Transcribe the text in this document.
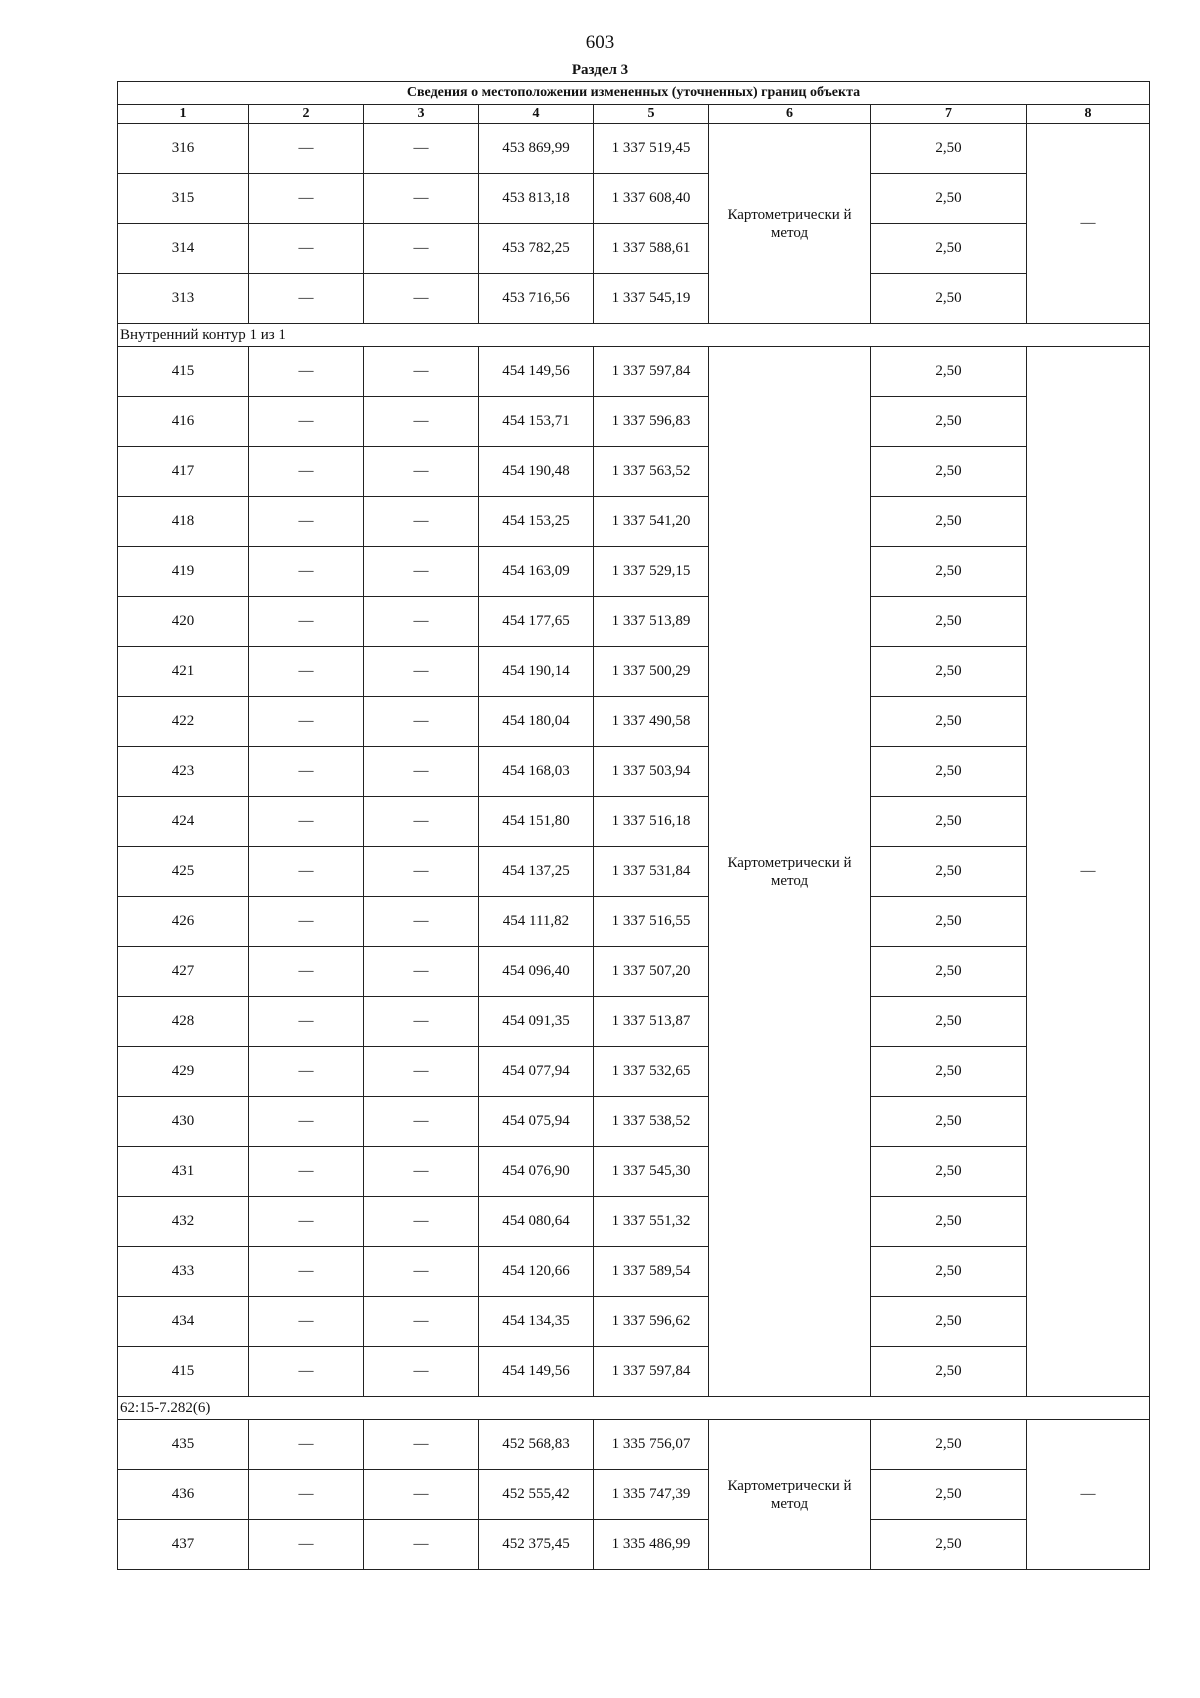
603
Раздел 3
Сведения о местоположении измененных (уточненных) границ объекта							
1	2	3	4	5	6	7	8
316	—	—	453 869,99	1 337 519,45	Картометрически й метод	2,50	—
315	—	—	453 813,18	1 337 608,40		2,50	
314	—	—	453 782,25	1 337 588,61		2,50	
313	—	—	453 716,56	1 337 545,19		2,50	
Внутренний контур 1 из 1							
415	—	—	454 149,56	1 337 597,84	Картометрически й метод	2,50	—
416	—	—	454 153,71	1 337 596,83		2,50	
417	—	—	454 190,48	1 337 563,52		2,50	
418	—	—	454 153,25	1 337 541,20		2,50	
419	—	—	454 163,09	1 337 529,15		2,50	
420	—	—	454 177,65	1 337 513,89		2,50	
421	—	—	454 190,14	1 337 500,29		2,50	
422	—	—	454 180,04	1 337 490,58		2,50	
423	—	—	454 168,03	1 337 503,94		2,50	
424	—	—	454 151,80	1 337 516,18		2,50	
425	—	—	454 137,25	1 337 531,84		2,50	
426	—	—	454 111,82	1 337 516,55		2,50	
427	—	—	454 096,40	1 337 507,20		2,50	
428	—	—	454 091,35	1 337 513,87		2,50	
429	—	—	454 077,94	1 337 532,65		2,50	
430	—	—	454 075,94	1 337 538,52		2,50	
431	—	—	454 076,90	1 337 545,30		2,50	
432	—	—	454 080,64	1 337 551,32		2,50	
433	—	—	454 120,66	1 337 589,54		2,50	
434	—	—	454 134,35	1 337 596,62		2,50	
415	—	—	454 149,56	1 337 597,84		2,50	
62:15-7.282(6)							
435	—	—	452 568,83	1 335 756,07	Картометрически й метод	2,50	—
436	—	—	452 555,42	1 335 747,39		2,50	
437	—	—	452 375,45	1 335 486,99		2,50	
